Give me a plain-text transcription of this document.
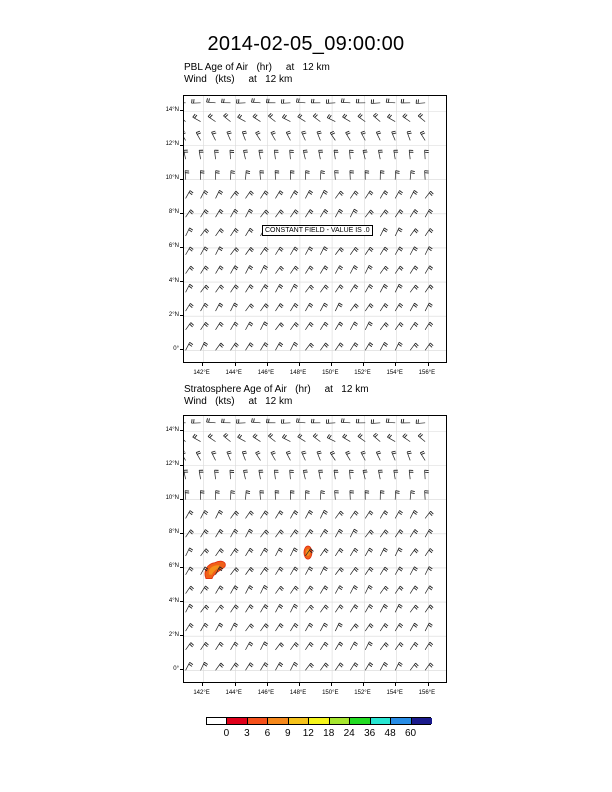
2014-02-05_09:00:00
PBL Age of Air   (hr)     at   12 km
Wind   (kts)     at   12 km
CONSTANT FIELD - VALUE IS .0
14°N
12°N
10°N
8°N
6°N
4°N
2°N
0°
142°E	144°E	146°E	148°E	150°E	152°E	154°E	156°E
Stratosphere Age of Air   (hr)     at   12 km
Wind   (kts)     at   12 km
14°N
12°N
10°N
8°N
6°N
4°N
2°N
0°
142°E	144°E	146°E	148°E	150°E	152°E	154°E	156°E
0 3 6 9 12 18 24 36 48 60
